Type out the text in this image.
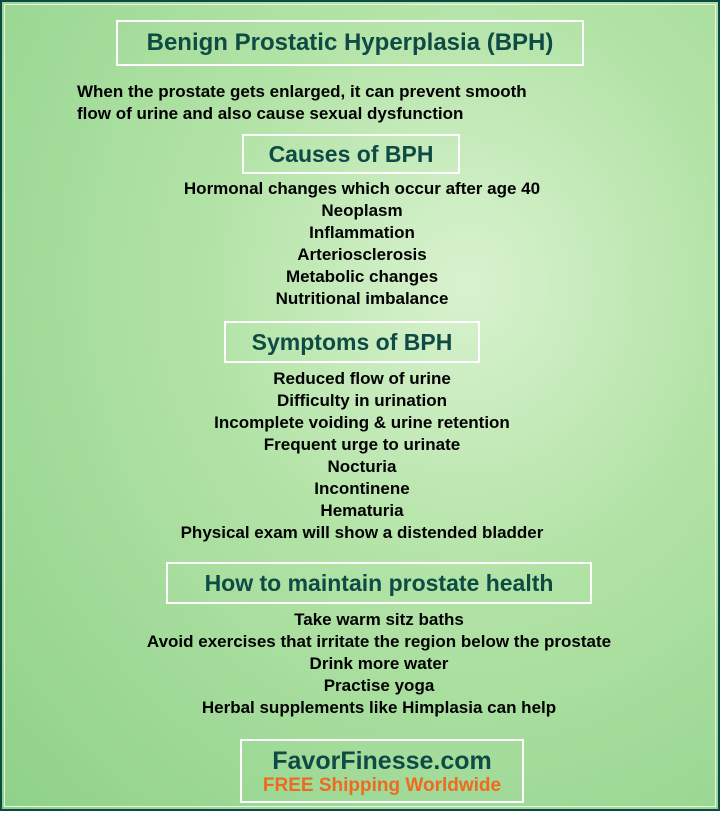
Benign Prostatic Hyperplasia (BPH)
When the prostate gets enlarged, it can prevent smooth
flow of urine and also cause sexual dysfunction
Causes of BPH
Hormonal changes which occur after age 40
Neoplasm
Inflammation
Arteriosclerosis
Metabolic changes
Nutritional imbalance
Symptoms of BPH
Reduced flow of urine
Difficulty in urination
Incomplete voiding & urine retention
Frequent urge to urinate
Nocturia
Incontinene
Hematuria
Physical exam will show a distended bladder
How to maintain prostate health
Take warm sitz baths
Avoid exercises that irritate the region below the prostate
Drink more water
Practise yoga
Herbal supplements like Himplasia can help
FavorFinesse.com
FREE Shipping Worldwide
